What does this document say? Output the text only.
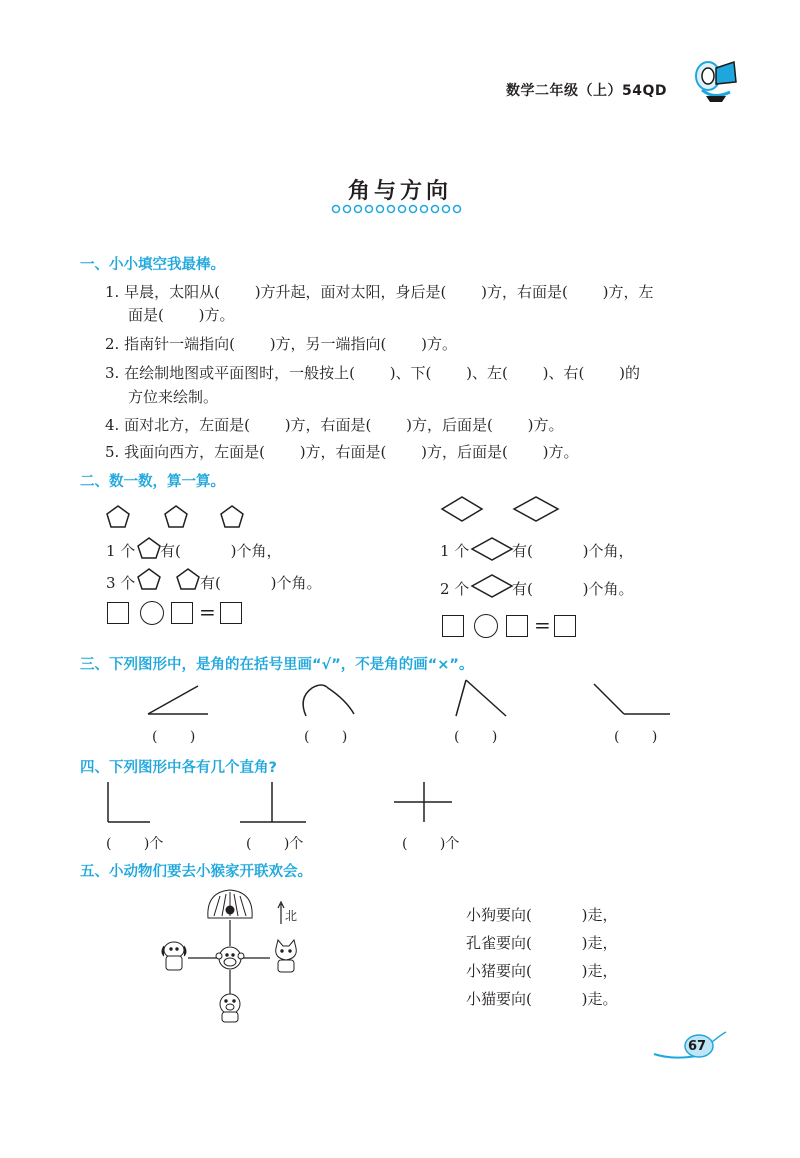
数学二年级（上）54QD
角与方向
一、小小填空我最棒。
1. 早晨，太阳从(　　 )方升起，面对太阳，身后是(　　 )方，右面是(　　 )方，左
面是(　　 )方。
2. 指南针一端指向(　　 )方，另一端指向(　　 )方。
3. 在绘制地图或平面图时，一般按上(　　 )、下(　　 )、左(　　 )、右(　　 )的
方位来绘制。
4. 面对北方，左面是(　　 )方，右面是(　　 )方，后面是(　　 )方。
5. 我面向西方，左面是(　　 )方，右面是(　　 )方，后面是(　　 )方。
二、数一数，算一算。
1 个 有(　　　 )个角，
3 个	有(　　　 )个角。
=
1 个	有(　　　 )个角，
2 个	有(　　　 )个角。
=
三、下列图形中，是角的在括号里画“√”，不是角的画“×”。
(　　 )	(　　 )	(　　 )	(　　 )
四、下列图形中各有几个直角?
(　　 )个	(　　 )个	(　　 )个
五、小动物们要去小猴家开联欢会。
北	小狗要向(　　　 )走，
孔雀要向(　　　 )走，
小猪要向(　　　 )走，
小猫要向(　　　 )走。
67
